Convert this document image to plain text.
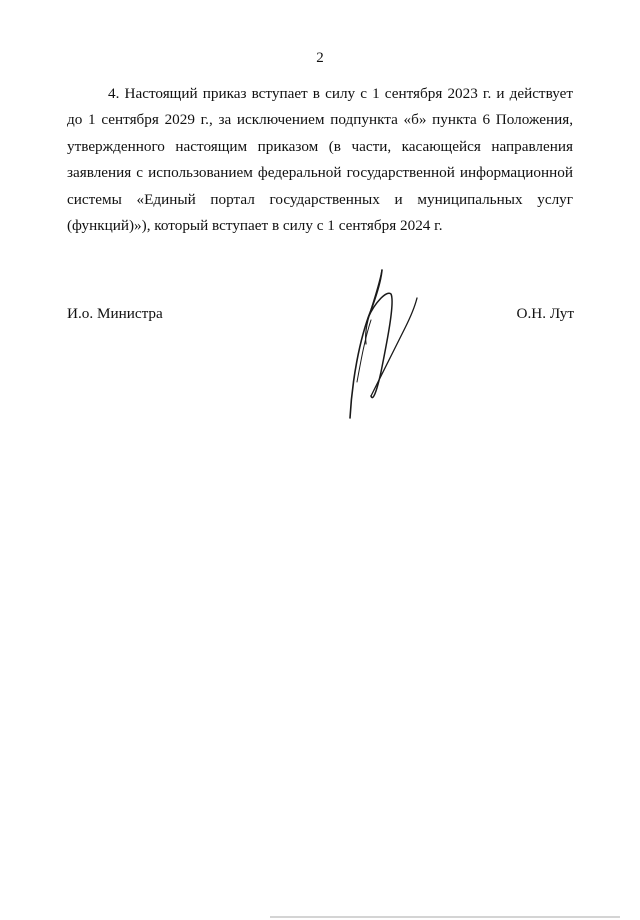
2

4. Настоящий приказ вступает в силу с 1 сентября 2023 г. и действует до 1 сентября 2029 г., за исключением подпункта «б» пункта 6 Положения, утвержденного настоящим приказом (в части, касающейся направления заявления с использованием федеральной государственной информационной системы «Единый портал государственных и муниципальных услуг (функций)»), который вступает в силу с 1 сентября 2024 г.

И.о. Министра	О.Н. Лут
